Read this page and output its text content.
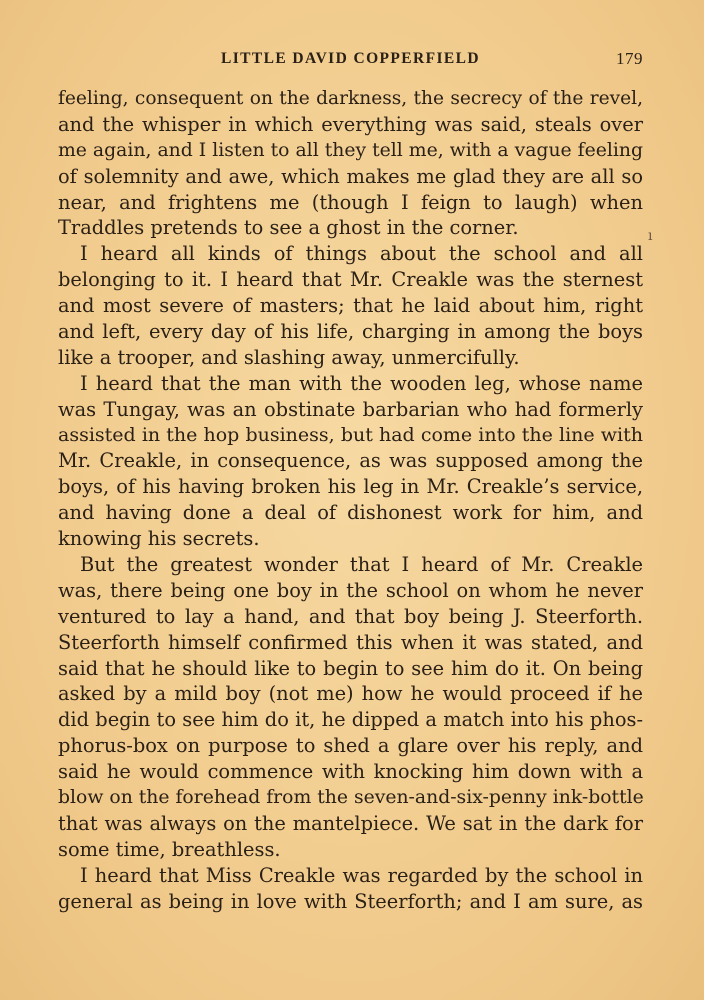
LITTLE DAVID COPPERFIELD	179
feeling, consequent on the darkness, the secrecy of the revel,
and the whisper in which everything was said, steals over
me again, and I listen to all they tell me, with a vague feeling
of solemnity and awe, which makes me glad they are all so
near, and frightens me (though I feign to laugh) when
Traddles pretends to see a ghost in the corner.
I heard all kinds of things about the school and all
belonging to it. I heard that Mr. Creakle was the sternest
and most severe of masters; that he laid about him, right
and left, every day of his life, charging in among the boys
like a trooper, and slashing away, unmercifully.
I heard that the man with the wooden leg, whose name
was Tungay, was an obstinate barbarian who had formerly
assisted in the hop business, but had come into the line with
Mr. Creakle, in consequence, as was supposed among the
boys, of his having broken his leg in Mr. Creakle’s service,
and having done a deal of dishonest work for him, and
knowing his secrets.
But the greatest wonder that I heard of Mr. Creakle
was, there being one boy in the school on whom he never
ventured to lay a hand, and that boy being J. Steerforth.
Steerforth himself confirmed this when it was stated, and
said that he should like to begin to see him do it. On being
asked by a mild boy (not me) how he would proceed if he
did begin to see him do it, he dipped a match into his phos-
phorus-box on purpose to shed a glare over his reply, and
said he would commence with knocking him down with a
blow on the forehead from the seven-and-six-penny ink-bottle
that was always on the mantelpiece. We sat in the dark for
some time, breathless.
I heard that Miss Creakle was regarded by the school in
general as being in love with Steerforth; and I am sure, as
ı
